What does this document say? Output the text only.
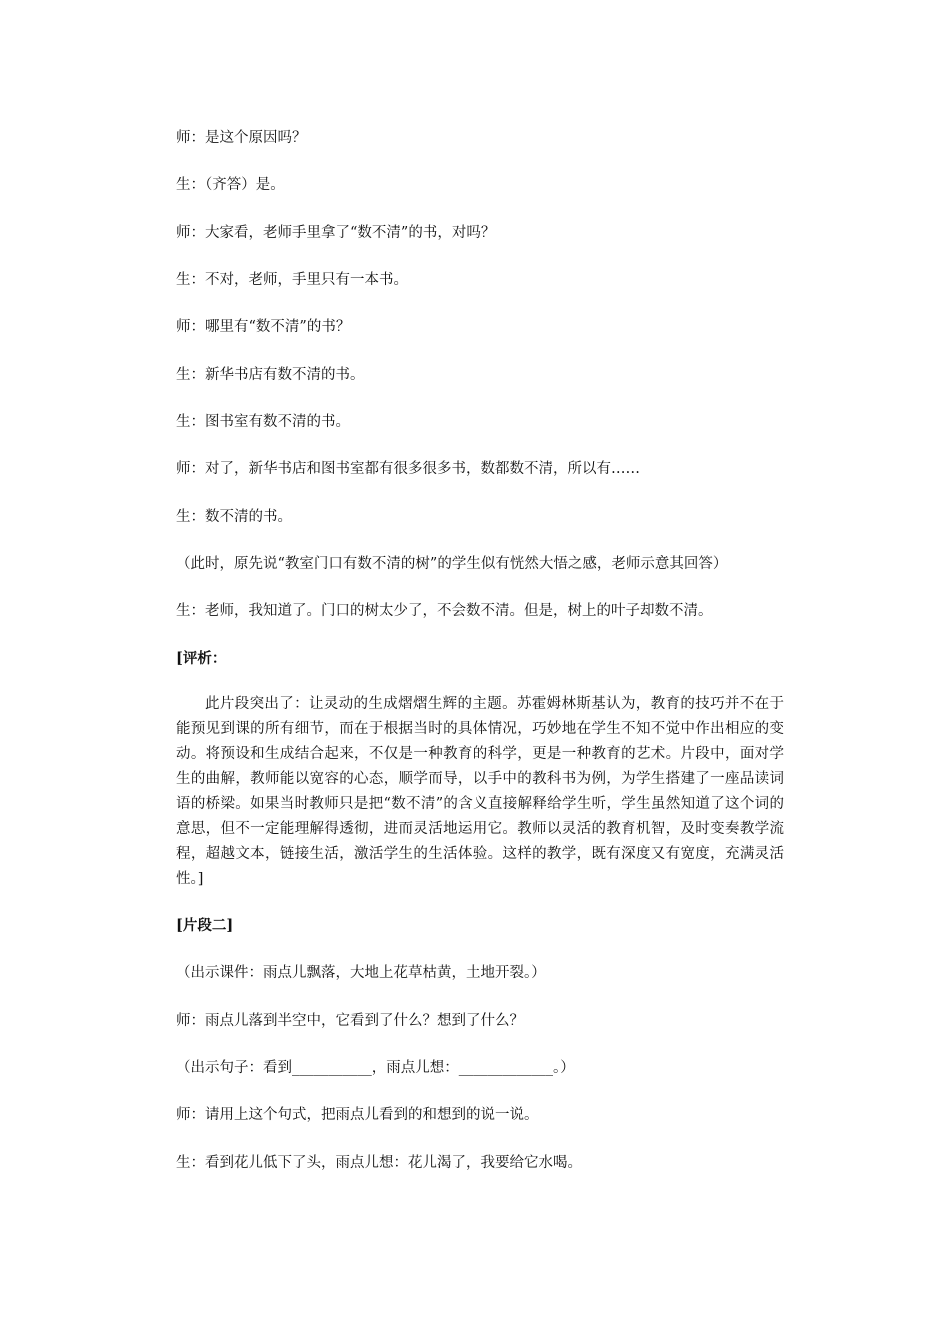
师：是这个原因吗？
生：（齐答）是。
师：大家看，老师手里拿了“数不清”的书，对吗？
生：不对，老师，手里只有一本书。
师：哪里有“数不清”的书？
生：新华书店有数不清的书。
生：图书室有数不清的书。
师：对了，新华书店和图书室都有很多很多书，数都数不清，所以有……
生：数不清的书。
（此时，原先说“教室门口有数不清的树”的学生似有恍然大悟之感，老师示意其回答）
生：老师，我知道了。门口的树太少了，不会数不清。但是，树上的叶子却数不清。
[评析：
此片段突出了：让灵动的生成熠熠生辉的主题。苏霍姆林斯基认为，教育的技巧并不在于能预见到课的所有细节，而在于根据当时的具体情况，巧妙地在学生不知不觉中作出相应的变动。将预设和生成结合起来，不仅是一种教育的科学，更是一种教育的艺术。片段中，面对学生的曲解，教师能以宽容的心态，顺学而导，以手中的教科书为例，为学生搭建了一座品读词语的桥梁。如果当时教师只是把“数不清”的含义直接解释给学生听，学生虽然知道了这个词的意思，但不一定能理解得透彻，进而灵活地运用它。教师以灵活的教育机智，及时变奏教学流程，超越文本，链接生活，激活学生的生活体验。这样的教学，既有深度又有宽度，充满灵活性。]
[片段二]
（出示课件：雨点儿飘落，大地上花草枯黄，土地开裂。）
师：雨点儿落到半空中，它看到了什么？想到了什么？
（出示句子：看到___________，雨点儿想：_____________。）
师：请用上这个句式，把雨点儿看到的和想到的说一说。
生：看到花儿低下了头，雨点儿想：花儿渴了，我要给它水喝。
